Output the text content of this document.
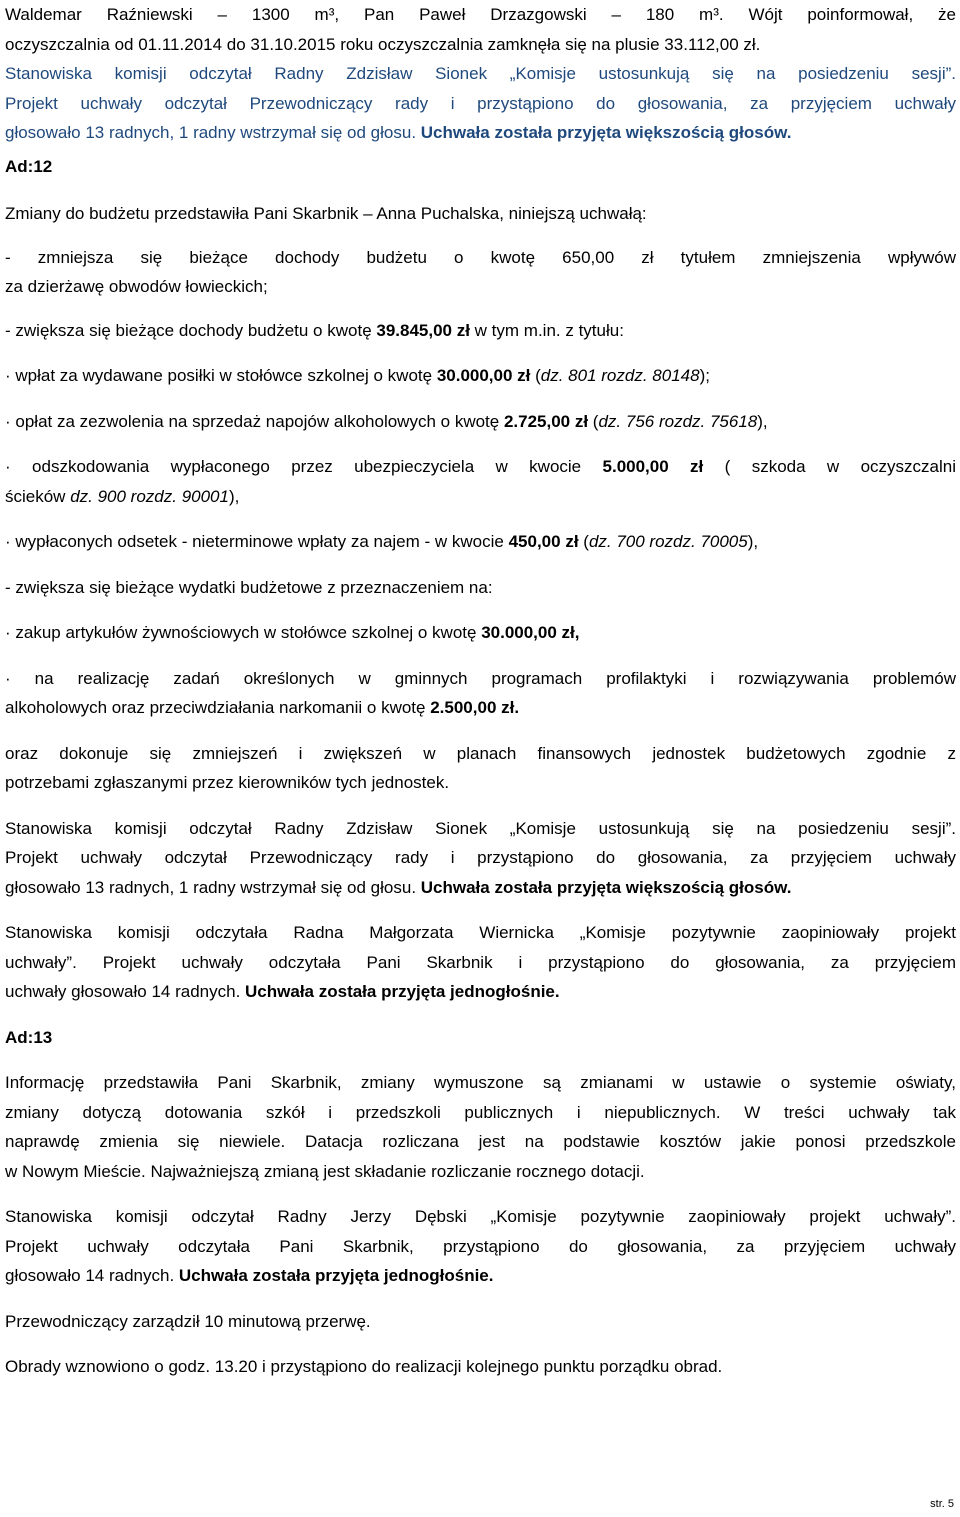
Waldemar Raźniewski – 1300 m³, Pan Paweł Drzazgowski – 180 m³. Wójt poinformował, że
oczyszczalnia od 01.11.2014 do 31.10.2015 roku oczyszczalnia zamknęła się na plusie 33.112,00 zł.
Stanowiska komisji odczytał Radny Zdzisław Sionek „Komisje ustosunkują się na posiedzeniu sesji”.
Projekt uchwały odczytał Przewodniczący rady i przystąpiono do głosowania, za przyjęciem uchwały
głosowało 13 radnych, 1 radny wstrzymał się od głosu. Uchwała została przyjęta większością głosów.
Ad:12
Zmiany do budżetu przedstawiła Pani Skarbnik – Anna Puchalska, niniejszą uchwałą:
- zmniejsza się bieżące dochody budżetu o kwotę 650,00 zł tytułem zmniejszenia wpływów
za dzierżawę obwodów łowieckich;
- zwiększa się bieżące dochody budżetu o kwotę 39.845,00 zł w tym m.in. z tytułu:
· wpłat za wydawane posiłki w stołówce szkolnej o kwotę 30.000,00 zł (dz. 801 rozdz. 80148);
· opłat za zezwolenia na sprzedaż napojów alkoholowych o kwotę 2.725,00 zł (dz. 756 rozdz. 75618),
· odszkodowania wypłaconego przez ubezpieczyciela w kwocie 5.000,00 zł ( szkoda w oczyszczalni
ścieków dz. 900 rozdz. 90001),
· wypłaconych odsetek - nieterminowe wpłaty za najem - w kwocie 450,00 zł (dz. 700 rozdz. 70005),
- zwiększa się bieżące wydatki budżetowe z przeznaczeniem na:
· zakup artykułów żywnościowych w stołówce szkolnej o kwotę 30.000,00 zł,
· na realizację zadań określonych w gminnych programach profilaktyki i rozwiązywania problemów
alkoholowych oraz przeciwdziałania narkomanii o kwotę 2.500,00 zł.
oraz dokonuje się zmniejszeń i zwiększeń w planach finansowych jednostek budżetowych zgodnie z
potrzebami zgłaszanymi przez kierowników tych jednostek.
Stanowiska komisji odczytał Radny Zdzisław Sionek „Komisje ustosunkują się na posiedzeniu sesji”.
Projekt uchwały odczytał Przewodniczący rady i przystąpiono do głosowania, za przyjęciem uchwały
głosowało 13 radnych, 1 radny wstrzymał się od głosu. Uchwała została przyjęta większością głosów.
Stanowiska komisji odczytała Radna Małgorzata Wiernicka „Komisje pozytywnie zaopiniowały projekt
uchwały”. Projekt uchwały odczytała Pani Skarbnik i przystąpiono do głosowania, za przyjęciem
uchwały głosowało 14 radnych. Uchwała została przyjęta jednogłośnie.
Ad:13
Informację przedstawiła Pani Skarbnik, zmiany wymuszone są zmianami w ustawie o systemie oświaty,
zmiany dotyczą dotowania szkół i przedszkoli publicznych i niepublicznych. W treści uchwały tak
naprawdę zmienia się niewiele. Datacja rozliczana jest na podstawie kosztów jakie ponosi przedszkole
w Nowym Mieście. Najważniejszą zmianą jest składanie rozliczanie rocznego dotacji.
Stanowiska komisji odczytał Radny Jerzy Dębski „Komisje pozytywnie zaopiniowały projekt uchwały”.
Projekt uchwały odczytała Pani Skarbnik, przystąpiono do głosowania, za przyjęciem uchwały
głosowało 14 radnych. Uchwała została przyjęta jednogłośnie.
Przewodniczący zarządził 10 minutową przerwę.
Obrady wznowiono o godz. 13.20 i przystąpiono do realizacji kolejnego punktu porządku obrad.
str. 5
